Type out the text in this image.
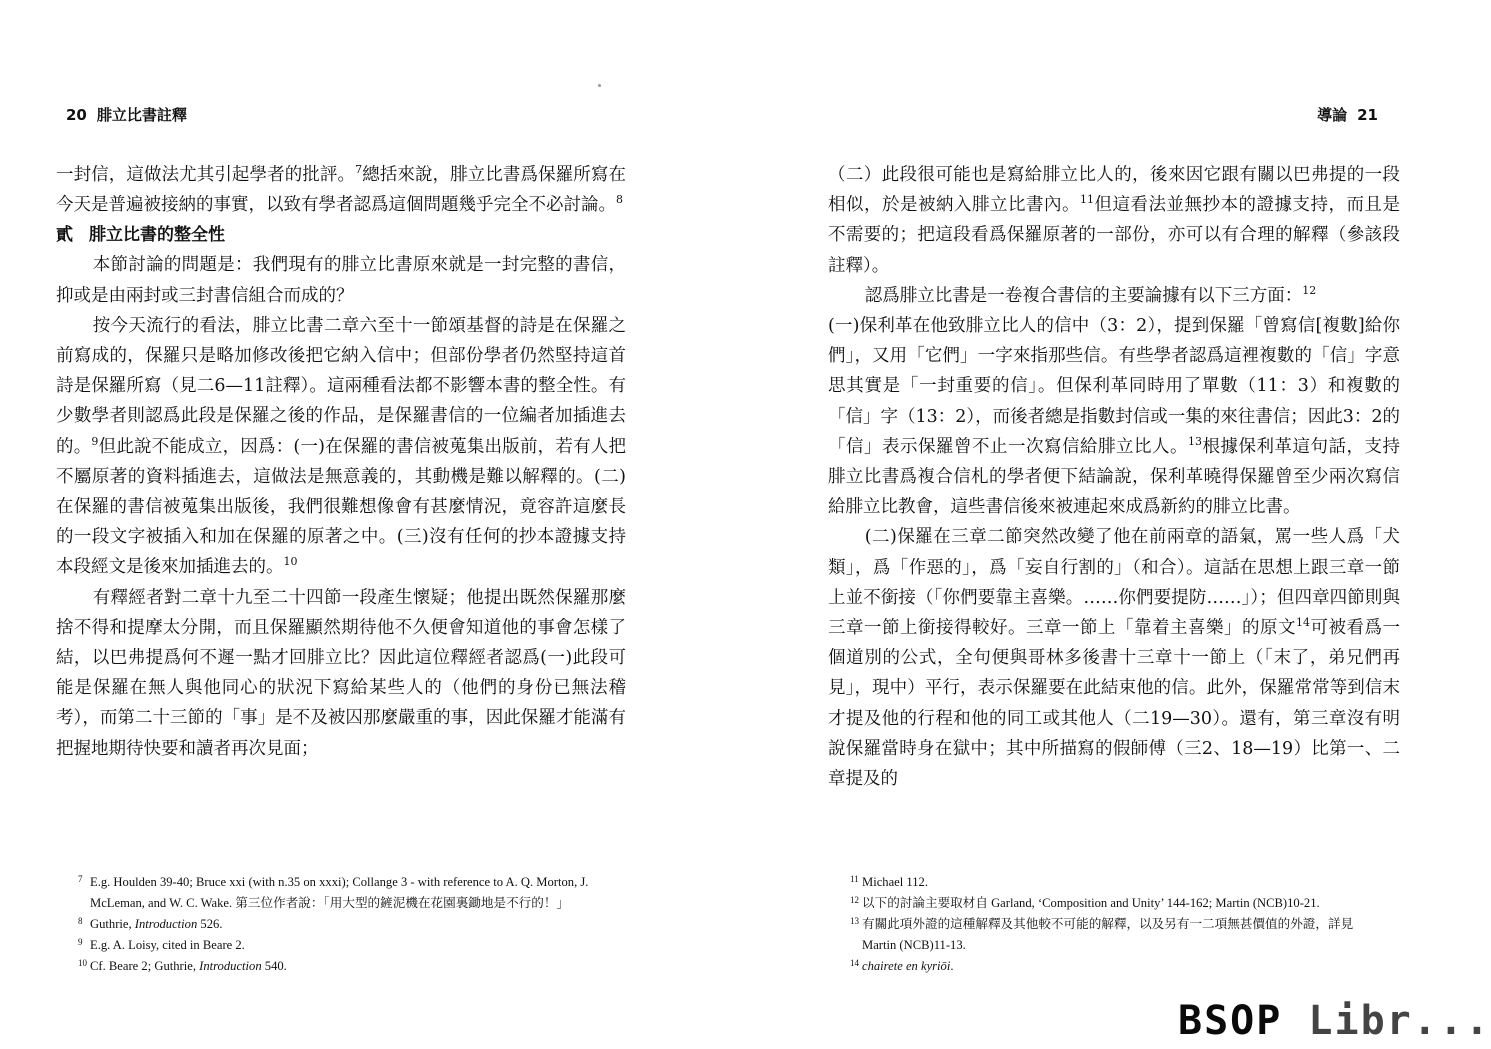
20 腓立比書註釋

一封信，這做法尤其引起學者的批評。$^7$總括來說，腓立比書爲保羅所寫在今天是普遍被接納的事實，以致有學者認爲這個問題幾乎完全不必討論。$^8$

貳 腓立比書的整全性

本節討論的問題是：我們現有的腓立比書原來就是一封完整的書信，抑或是由兩封或三封書信組合而成的？

按今天流行的看法，腓立比書二章六至十一節頌基督的詩是在保羅之前寫成的，保羅只是略加修改後把它納入信中；但部份學者仍然堅持這首詩是保羅所寫（見二6—11註釋）。這兩種看法都不影響本書的整全性。有少數學者則認爲此段是保羅之後的作品，是保羅書信的一位編者加插進去的。$^9$但此說不能成立，因爲：(一)在保羅的書信被蒐集出版前，若有人把不屬原著的資料插進去，這做法是無意義的，其動機是難以解釋的。(二)在保羅的書信被蒐集出版後，我們很難想像會有甚麼情況，竟容許這麼長的一段文字被插入和加在保羅的原著之中。(三)沒有任何的抄本證據支持本段經文是後來加插進去的。$^{10}$

有釋經者對二章十九至二十四節一段產生懷疑；他提出既然保羅那麼捨不得和提摩太分開，而且保羅顯然期待他不久便會知道他的事會怎樣了結，以巴弗提爲何不遲一點才回腓立比？因此這位釋經者認爲(一)此段可能是保羅在無人與他同心的狀況下寫給某些人的（他們的身份已無法稽考），而第二十三節的「事」是不及被囚那麼嚴重的事，因此保羅才能滿有把握地期待快要和讀者再次見面；

7 E.g. Houlden 39-40; Bruce xxi (with n.35 on xxxi); Collange 3 - with reference to A. Q. Morton, J. McLeman, and W. C. Wake. 第三位作者說：「用大型的鏟泥機在花園裏鋤地是不行的！」
8 Guthrie, Introduction 526.
9 E.g. A. Loisy, cited in Beare 2.
10 Cf. Beare 2; Guthrie, Introduction 540.
導論 21

（二）此段很可能也是寫給腓立比人的，後來因它跟有關以巴弗提的一段相似，於是被納入腓立比書內。$^{11}$但這看法並無抄本的證據支持，而且是不需要的；把這段看爲保羅原著的一部份，亦可以有合理的解釋（參該段註釋）。

認爲腓立比書是一卷複合書信的主要論據有以下三方面：$^{12}$

(一)保利革在他致腓立比人的信中（3：2），提到保羅「曾寫信[複數]給你們」，又用「它們」一字來指那些信。有些學者認爲這裡複數的「信」字意思其實是「一封重要的信」。但保利革同時用了單數（11：3）和複數的「信」字（13：2），而後者總是指數封信或一集的來往書信；因此3：2的「信」表示保羅曾不止一次寫信給腓立比人。$^{13}$根據保利革這句話，支持腓立比書爲複合信札的學者便下結論說，保利革曉得保羅曾至少兩次寫信給腓立比教會，這些書信後來被連起來成爲新約的腓立比書。

(二)保羅在三章二節突然改變了他在前兩章的語氣，罵一些人爲「犬類」，爲「作惡的」，爲「妄自行割的」（和合）。這話在思想上跟三章一節上並不銜接（「你們要靠主喜樂。……你們要提防……」）；但四章四節則與三章一節上銜接得較好。三章一節上「靠着主喜樂」的原文$^{14}$可被看爲一個道別的公式，全句便與哥林多後書十三章十一節上（「末了，弟兄們再見」，現中）平行，表示保羅要在此結束他的信。此外，保羅常常等到信末才提及他的行程和他的同工或其他人（二19—30）。還有，第三章沒有明說保羅當時身在獄中；其中所描寫的假師傅（三2、18—19）比第一、二章提及的

11 Michael 112.
12 以下的討論主要取材自 Garland, ‘Composition and Unity’ 144-162; Martin (NCB)10-21.
13 有關此項外證的這種解釋及其他較不可能的解釋，以及另有一二項無甚價值的外證，詳見 Martin (NCB)11-13.
14 chairete en kyriōi.
BSOP Libr...
